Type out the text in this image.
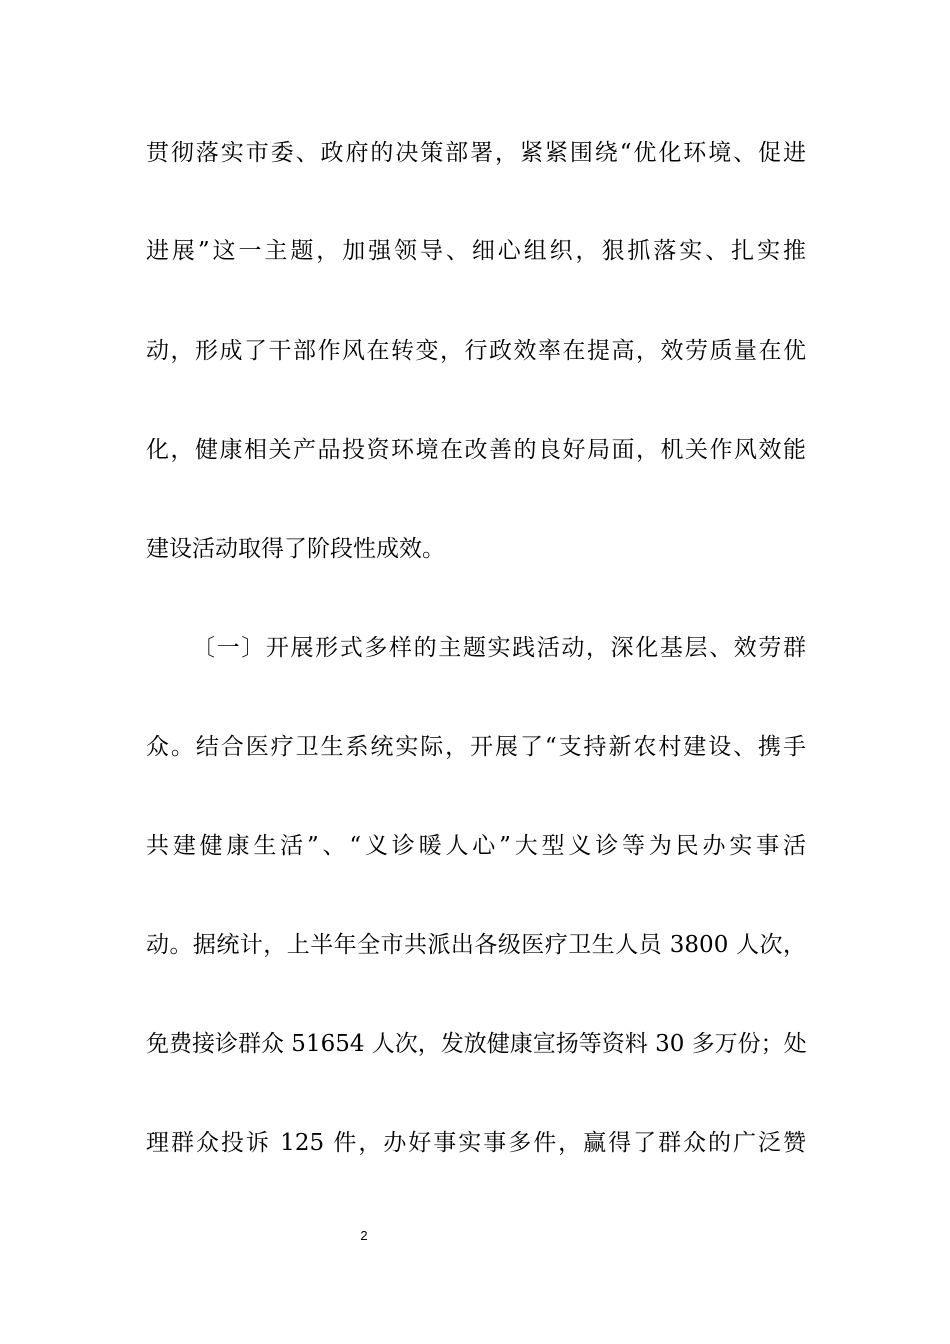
贯彻落实市委、政府的决策部署，紧紧围绕“优化环境、促进
进展”这一主题，加强领导、细心组织，狠抓落实、扎实推
动，形成了干部作风在转变，行政效率在提高，效劳质量在优
化，健康相关产品投资环境在改善的良好局面，机关作风效能
建设活动取得了阶段性成效。
〔一〕开展形式多样的主题实践活动，深化基层、效劳群
众。结合医疗卫生系统实际，开展了“支持新农村建设、携手
共建健康生活”、“义诊暖人心”大型义诊等为民办实事活
动。据统计，上半年全市共派出各级医疗卫生人员 3800 人次，
免费接诊群众 51654 人次，发放健康宣扬等资料 30 多万份；处
理群众投诉 125 件，办好事实事多件，赢得了群众的广泛赞
2
